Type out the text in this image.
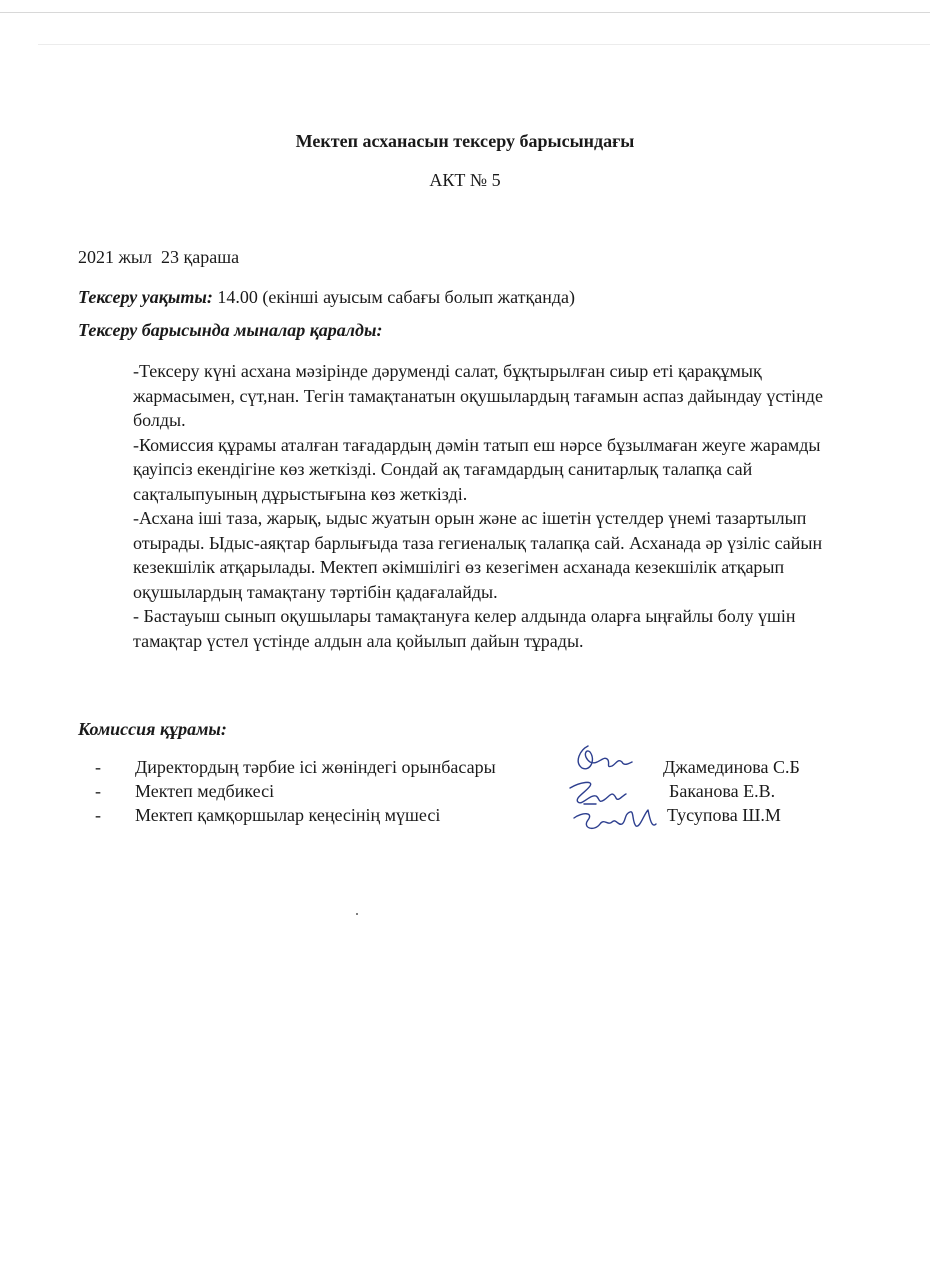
Мектеп асханасын тексеру барысындағы
АКТ № 5
2021 жыл  23 қараша
Тексеру уақыты: 14.00 (екінші ауысым сабағы болып жатқанда)
Тексеру барысында мыналар қаралды:

-Тексеру күні асхана мәзірінде дәруменді салат, бұқтырылған сиыр еті қарақұмық жармасымен, сүт,нан. Тегін тамақтанатын оқушылардың тағамын аспаз дайындау үстінде болды.

-Комиссия құрамы аталған тағадардың дәмін татып еш нәрсе бұзылмаған жеуге жарамды қауіпсіз екендігіне көз жеткізді. Сондай ақ тағамдардың санитарлық талапқа сай сақталыпуының дұрыстығына көз жеткізді.

-Асхана іші таза, жарық, ыдыс жуатын орын және ас ішетін үстелдер үнемі тазартылып отырады. Ыдыс-аяқтар барлығыда таза гегиеналық талапқа сай. Асханада әр үзіліс сайын кезекшілік атқарылады. Мектеп әкімшілігі өз кезегімен асханада кезекшілік атқарып оқушылардың тамақтану тәртібін қадағалайды.

- Бастауыш сынып оқушылары тамақтануға келер алдында оларға ыңғайлы болу үшін тамақтар үстел үстінде алдын ала қойылып дайын тұрады.

Комиссия құрамы:
- Директордың тәрбие ісі жөніндегі орынбасары	Джамединова С.Б
- Мектеп медбикесі	Баканова Е.В.
- Мектеп қамқоршылар кеңесінің мүшесі	Тусупова Ш.М
